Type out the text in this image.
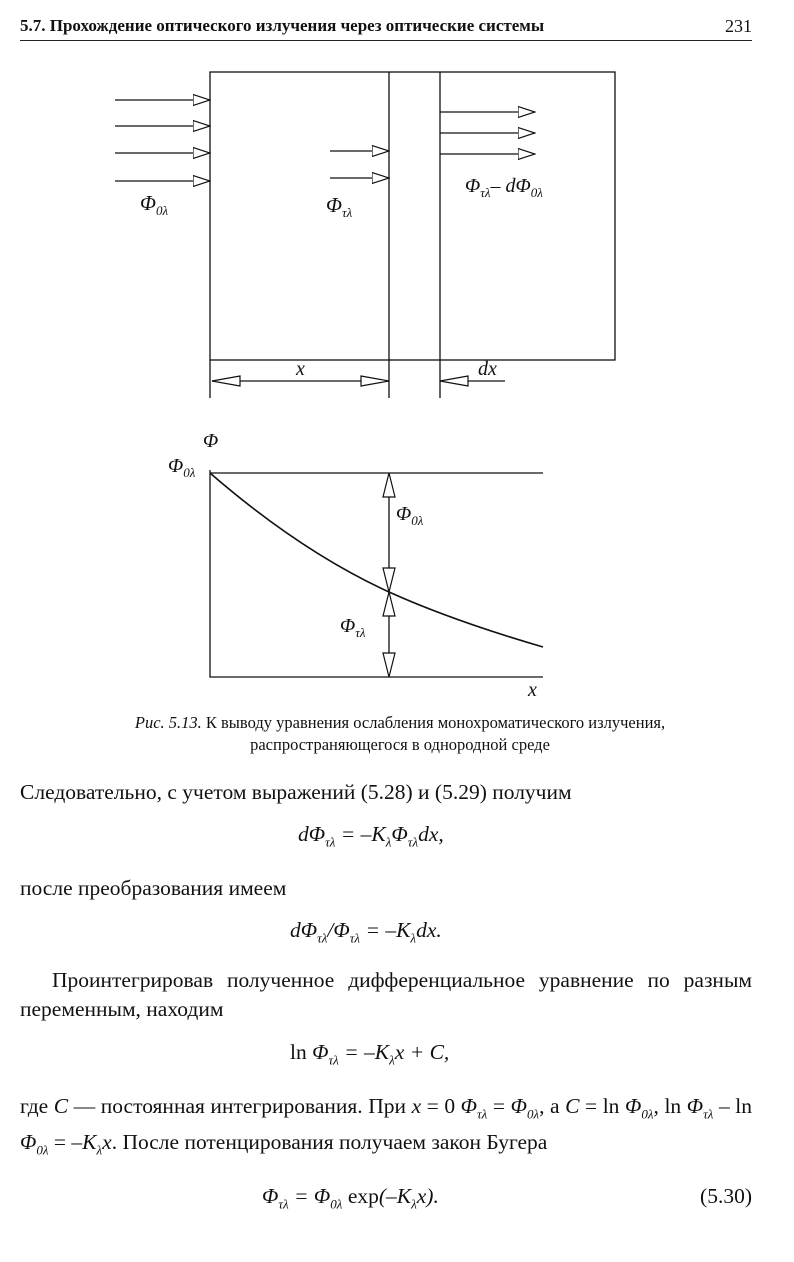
5.7. Прохождение оптического излучения через оптические системы	231
$\Phi_{0\lambda}$	$\Phi_{\tau\lambda}$
$\Phi_{\tau\lambda}-$ $d\Phi_{0\lambda}$
x	dx
Φ
x
$\Phi_{0\lambda}$
$\Phi_{0\lambda}$
$\Phi_{\tau\lambda}$
Рис. 5.13. К выводу уравнения ослабления монохроматического излучения, распространяющегося в однородной среде
Следовательно, с учетом выражений (5.28) и (5.29) получим
$d\Phi_{\tau\lambda} = -K_\lambda\Phi_{\tau\lambda}dx$,
после преобразования имеем
$d\Phi_{\tau\lambda}/\Phi_{\tau\lambda} = -K_\lambda dx$.
Проинтегрировав полученное дифференциальное уравнение по разным переменным, находим
$\ln \Phi_{\tau\lambda} = -K_\lambda x + C$,
где C — постоянная интегрирования. При x = 0 $\Phi_{\tau\lambda} = \Phi_{0\lambda}$, а $C = \ln \Phi_{0\lambda}$, $\ln \Phi_{\tau\lambda} - \ln \Phi_{0\lambda} = -K_\lambda x$. После потенцирования получаем закон Бугера
$\Phi_{\tau\lambda} = \Phi_{0\lambda}$ $\exp(-K_\lambda x)$.	(5.30)
